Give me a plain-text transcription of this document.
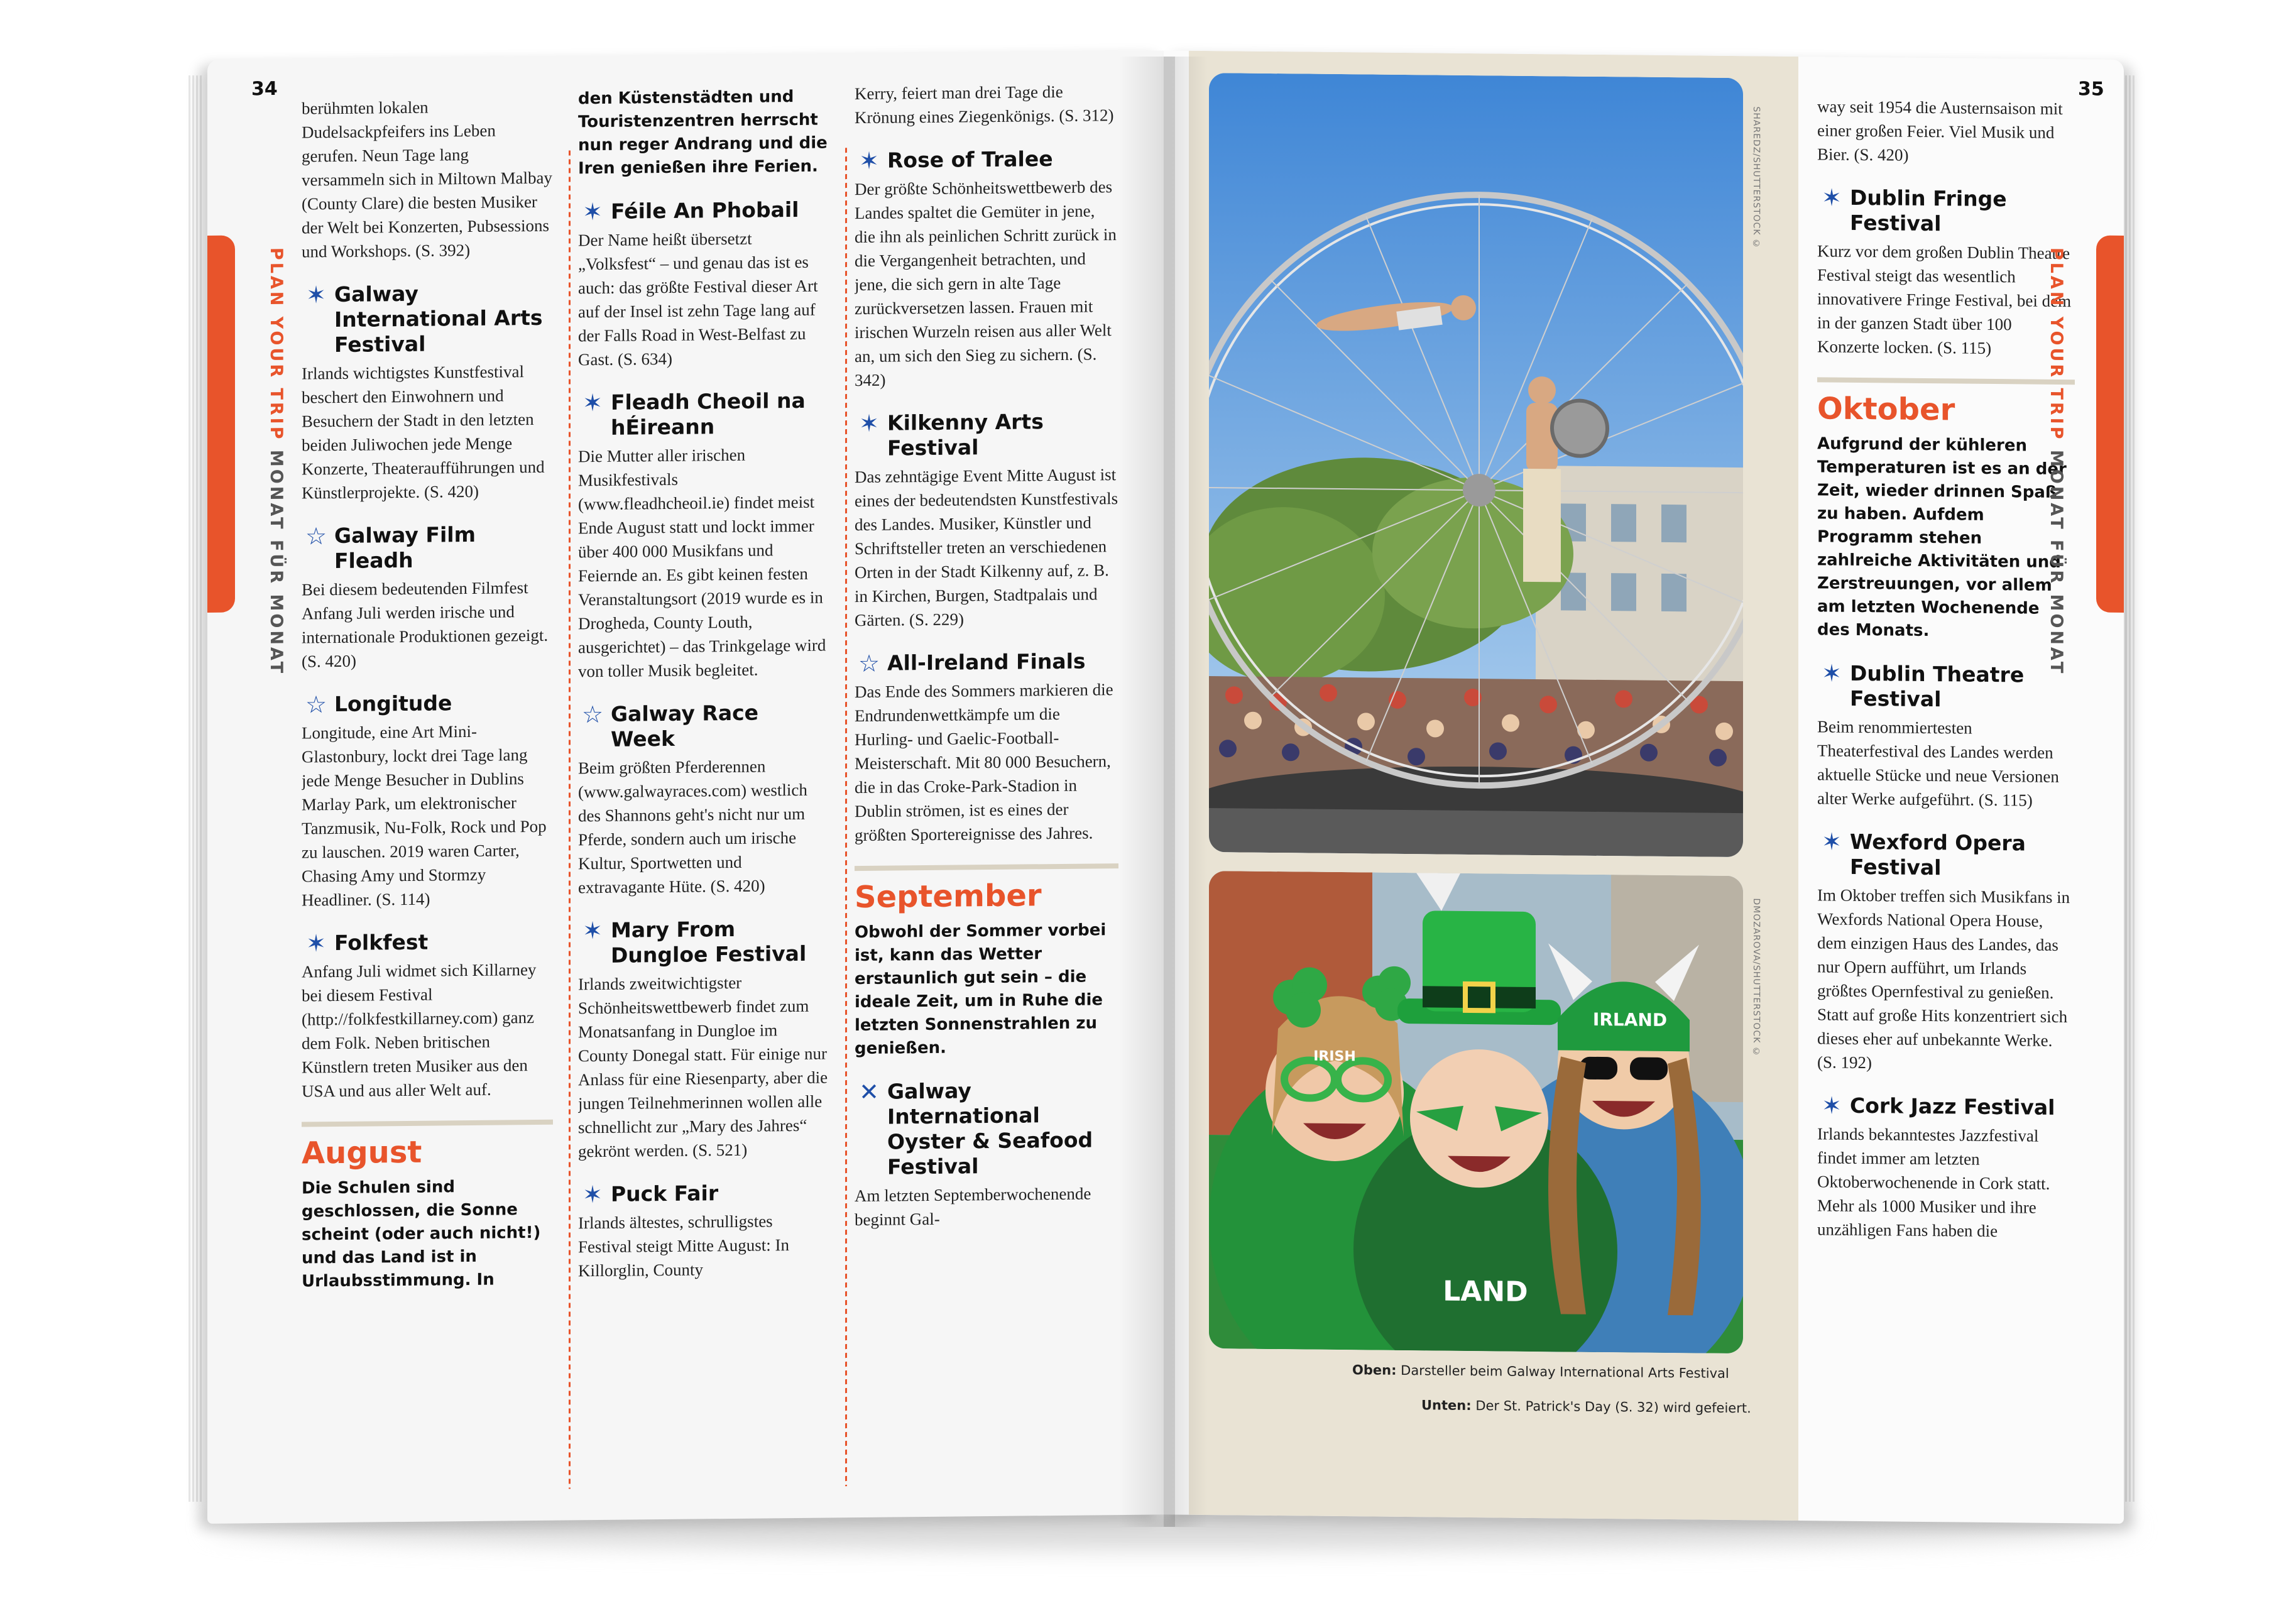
34
PLAN YOUR TRIP MONAT FÜR MONAT
berühmten lokalen Dudelsackpfeifers ins Leben gerufen. Neun Tage lang versammeln sich in Miltown Malbay (County Clare) die besten Musiker der Welt bei Konzerten, Pubsessions und Workshops. (S. 392)
✶ Galway International Arts Festival
Irlands wichtigstes Kunstfestival beschert den Einwohnern und Besuchern der Stadt in den letzten beiden Juliwochen jede Menge Konzerte, Theateraufführungen und Künstlerprojekte. (S. 420)
☆ Galway Film Fleadh
Bei diesem bedeutenden Filmfest Anfang Juli werden irische und internationale Produktionen gezeigt. (S. 420)
☆ Longitude
Longitude, eine Art Mini-Glastonbury, lockt drei Tage lang jede Menge Besucher in Dublins Marlay Park, um elektronischer Tanzmusik, Nu-Folk, Rock und Pop zu lauschen. 2019 waren Carter, Chasing Amy und Stormzy Headliner. (S. 114)
✶ Folkfest
Anfang Juli widmet sich Killarney bei diesem Festival (http://folkfestkillarney.com) ganz dem Folk. Neben britischen Künstlern treten Musiker aus den USA und aus aller Welt auf.
August
Die Schulen sind geschlossen, die Sonne scheint (oder auch nicht!) und das Land ist in Urlaubsstimmung. In
den Küstenstädten und Touristenzentren herrscht nun reger Andrang und die Iren genießen ihre Ferien.
✶ Féile An Phobail
Der Name heißt übersetzt „Volksfest“ – und genau das ist es auch: das größte Festival dieser Art auf der Insel ist zehn Tage lang auf der Falls Road in West-Belfast zu Gast. (S. 634)
✶ Fleadh Cheoil na hÉireann
Die Mutter aller irischen Musikfestivals (www.fleadhcheoil.ie) findet meist Ende August statt und lockt immer über 400 000 Musikfans und Feiernde an. Es gibt keinen festen Veranstaltungsort (2019 wurde es in Drogheda, County Louth, ausgerichtet) – das Trinkgelage wird von toller Musik begleitet.
☆ Galway Race Week
Beim größten Pferderennen (www.galwayraces.com) westlich des Shannons geht's nicht nur um Pferde, sondern auch um irische Kultur, Sportwetten und extravagante Hüte. (S. 420)
✶ Mary From Dungloe Festival
Irlands zweitwichtigster Schönheitswettbewerb findet zum Monatsanfang in Dungloe im County Donegal statt. Für einige nur Anlass für eine Riesenparty, aber die jungen Teilnehmerinnen wollen alle schnellicht zur „Mary des Jahres“ gekrönt werden. (S. 521)
✶ Puck Fair
Irlands ältestes, schrulligstes Festival steigt Mitte August: In Killorglin, County
Kerry, feiert man drei Tage die Krönung eines Ziegenkönigs. (S. 312)
✶ Rose of Tralee
Der größte Schönheitswettbewerb des Landes spaltet die Gemüter in jene, die ihn als peinlichen Schritt zurück in die Vergangenheit betrachten, und jene, die sich gern in alte Tage zurückversetzen lassen. Frauen mit irischen Wurzeln reisen aus aller Welt an, um sich den Sieg zu sichern. (S. 342)
✶ Kilkenny Arts Festival
Das zehntägige Event Mitte August ist eines der bedeutendsten Kunstfestivals des Landes. Musiker, Künstler und Schriftsteller treten an verschiedenen Orten in der Stadt Kilkenny auf, z. B. in Kirchen, Burgen, Stadtpalais und Gärten. (S. 229)
☆ All-Ireland Finals
Das Ende des Sommers markieren die Endrundenwettkämpfe um die Hurling- und Gaelic-Football-Meisterschaft. Mit 80 000 Besuchern, die in das Croke-Park-Stadion in Dublin strömen, ist es eines der größten Sportereignisse des Jahres.
September
Obwohl der Sommer vorbei ist, kann das Wetter erstaunlich gut sein – die ideale Zeit, um in Ruhe die letzten Sonnenstrahlen zu genießen.
✕ Galway International Oyster & Seafood Festival
Am letzten Septemberwochenende beginnt Gal-
SHAREDZ/SHUTTERSTOCK ©
IRLAND
IRISH
LAND
DMOZAROVA/SHUTTERSTOCK ©
Oben: Darsteller beim Galway International Arts Festival
Unten: Der St. Patrick's Day (S. 32) wird gefeiert.
way seit 1954 die Austernsaison mit einer großen Feier. Viel Musik und Bier. (S. 420)
✶ Dublin Fringe Festival
Kurz vor dem großen Dublin Theatre Festival steigt das wesentlich innovativere Fringe Festival, bei dem in der ganzen Stadt über 100 Konzerte locken. (S. 115)
Oktober
Aufgrund der kühleren Temperaturen ist es an der Zeit, wieder drinnen Spaß zu haben. Aufdem Programm stehen zahlreiche Aktivitäten und Zerstreuungen, vor allem am letzten Wochenende des Monats.
✶ Dublin Theatre Festival
Beim renommiertesten Theaterfestival des Landes werden aktuelle Stücke und neue Versionen alter Werke aufgeführt. (S. 115)
✶ Wexford Opera Festival
Im Oktober treffen sich Musikfans in Wexfords National Opera House, dem einzigen Haus des Landes, das nur Opern aufführt, um Irlands größtes Opernfestival zu genießen. Statt auf große Hits konzentriert sich dieses eher auf unbekannte Werke. (S. 192)
✶ Cork Jazz Festival
Irlands bekanntestes Jazzfestival findet immer am letzten Oktoberwochenende in Cork statt. Mehr als 1000 Musiker und ihre unzähligen Fans haben die
35
PLAN YOUR TRIP MONAT FÜR MONAT
